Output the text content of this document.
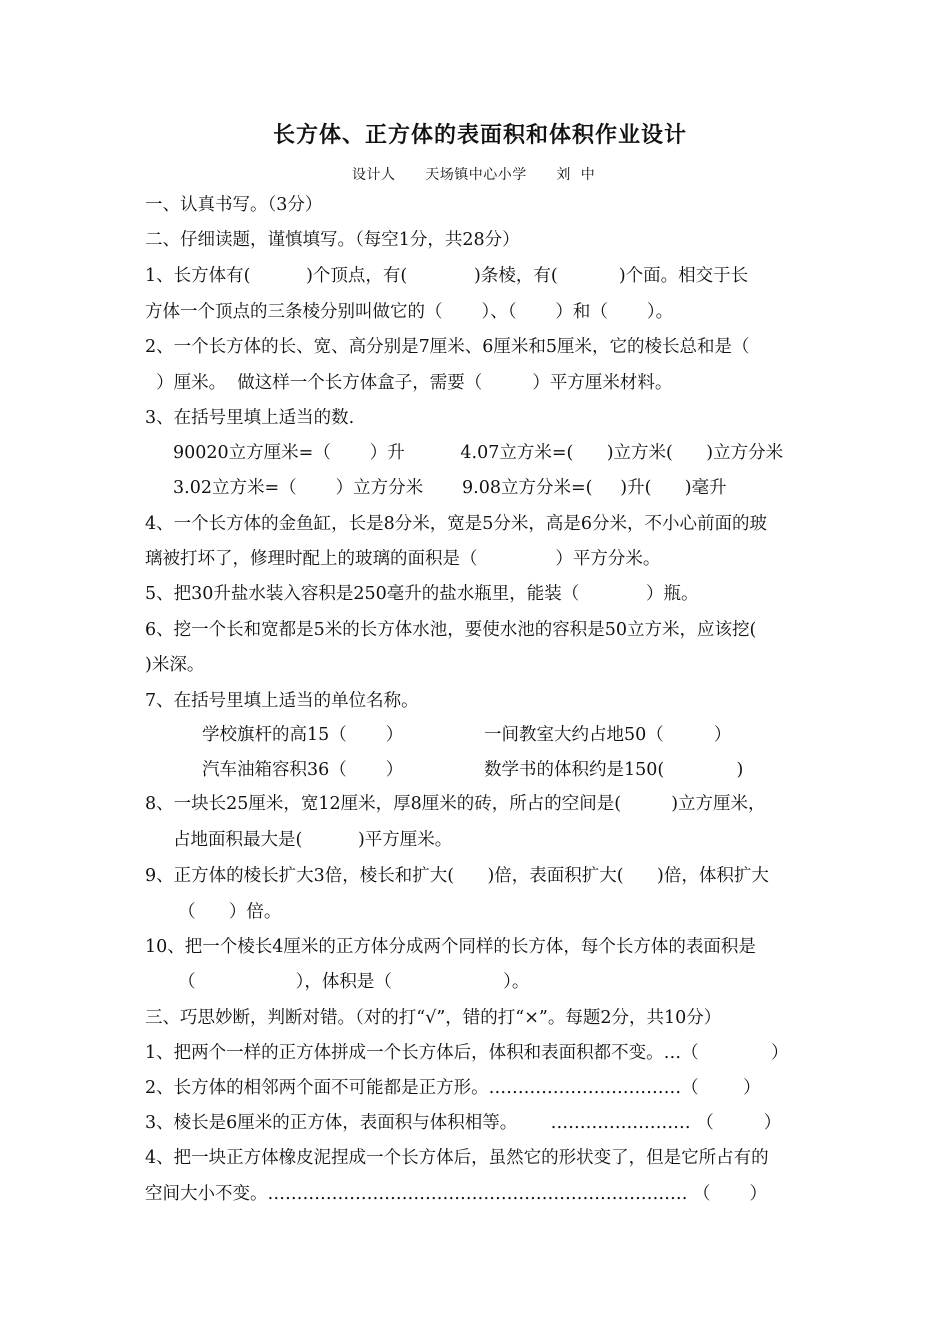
长方体、正方体的表面积和体积作业设计
设计人      天场镇中心小学      刘  中
一、认真书写。（3分）
二、仔细读题，谨慎填写。（每空1分，共28分）
1、长方体有(          )个顶点，有(            )条棱，有(           )个面。相交于长
方体一个顶点的三条棱分别叫做它的（       ）、（       ）和（       ）。
2、一个长方体的长、宽、高分别是7厘米、6厘米和5厘米，它的棱长总和是（
）厘米。  做这样一个长方体盒子，需要（         ）平方厘米材料。
3、在括号里填上适当的数.
90020立方厘米=（       ）升          4.07立方米=(      )立方米(      )立方分米
3.02立方米=（       ）立方分米       9.08立方分米=(     )升(      )毫升
4、一个长方体的金鱼缸，长是8分米，宽是5分米，高是6分米，不小心前面的玻
璃被打坏了，修理时配上的玻璃的面积是（              ）平方分米。
5、把30升盐水装入容积是250毫升的盐水瓶里，能装（            ）瓶。
6、挖一个长和宽都是5米的长方体水池，要使水池的容积是50立方米，应该挖(
)米深。
7、在括号里填上适当的单位名称。
学校旗杆的高15（       ）	一间教室大约占地50（         ）
汽车油箱容积36（       ）	数学书的体积约是150(             )
8、一块长25厘米，宽12厘米，厚8厘米的砖，所占的空间是(         )立方厘米，
占地面积最大是(          )平方厘米。
9、正方体的棱长扩大3倍，棱长和扩大(      )倍，表面积扩大(      )倍，体积扩大
（      ）倍。
10、把一个棱长4厘米的正方体分成两个同样的长方体，每个长方体的表面积是
（                  ），体积是（                    ）。
三、巧思妙断，判断对错。（对的打“√”，错的打“×”。每题2分，共10分）
1、把两个一样的正方体拼成一个长方体后，体积和表面积都不变。…（             ）
2、长方体的相邻两个面不可能都是正方形。……………………………（        ）
3、棱长是6厘米的正方体，表面积与体积相等。      …………………… （         ）
4、把一块正方体橡皮泥捏成一个长方体后，虽然它的形状变了，但是它所占有的
空间大小不变。……………………………………………………………… （       ）
